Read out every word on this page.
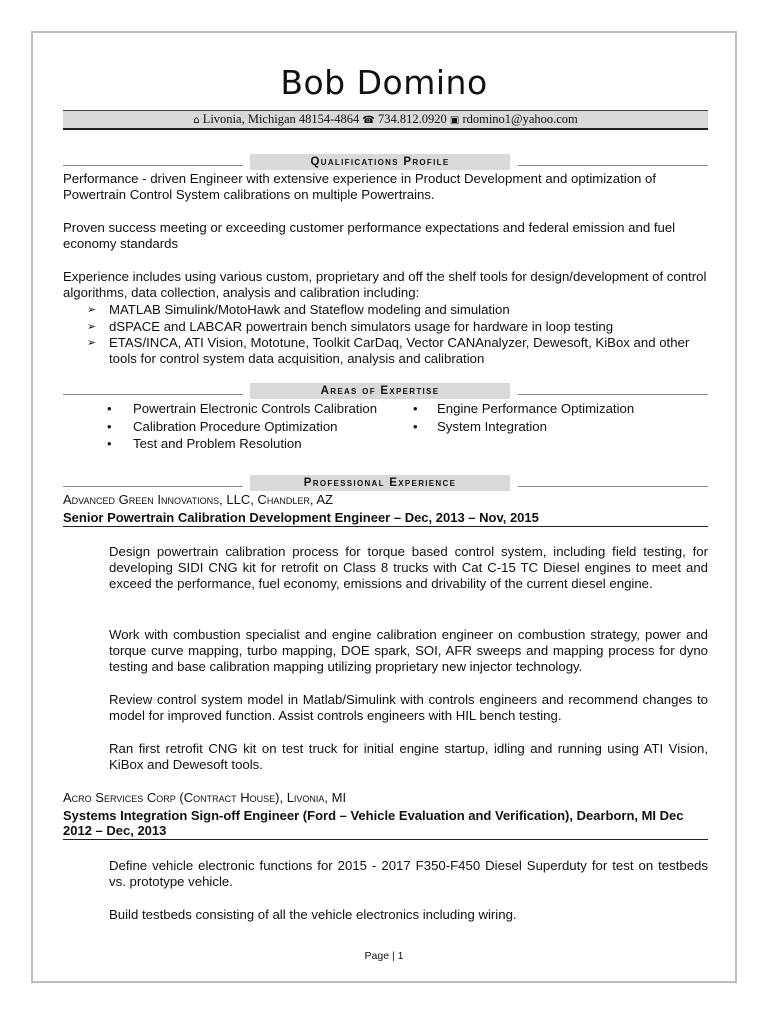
Bob Domino
⌂ Livonia, Michigan 48154-4864 ☎ 734.812.0920 ▣ rdomino1@yahoo.com
Qualifications Profile
Performance - driven Engineer with extensive experience in Product Development and optimization of Powertrain Control System calibrations on multiple Powertrains.
Proven success meeting or exceeding customer performance expectations and federal emission and fuel economy standards
Experience includes using various custom, proprietary and off the shelf tools for design/development of control algorithms, data collection, analysis and calibration including:
➢ MATLAB Simulink/MotoHawk and Stateflow modeling and simulation
➢ dSPACE and LABCAR powertrain bench simulators usage for hardware in loop testing
➢ ETAS/INCA, ATI Vision, Mototune, Toolkit CarDaq, Vector CANAnalyzer, Dewesoft, KiBox and other tools for control system data acquisition, analysis and calibration
Areas of Expertise
• Powertrain Electronic Controls Calibration
• Calibration Procedure Optimization
• Test and Problem Resolution
• Engine Performance Optimization
• System Integration
Professional Experience
Advanced Green Innovations, LLC, Chandler, AZ
Senior Powertrain Calibration Development Engineer – Dec, 2013 – Nov, 2015
Design powertrain calibration process for torque based control system, including field testing, for developing SIDI CNG kit for retrofit on Class 8 trucks with Cat C-15 TC Diesel engines to meet and exceed the performance, fuel economy, emissions and drivability of the current diesel engine.
Work with combustion specialist and engine calibration engineer on combustion strategy, power and torque curve mapping, turbo mapping, DOE spark, SOI, AFR sweeps and mapping process for dyno testing and base calibration mapping utilizing proprietary new injector technology.
Review control system model in Matlab/Simulink with controls engineers and recommend changes to model for improved function. Assist controls engineers with HIL bench testing.
Ran first retrofit CNG kit on test truck for initial engine startup, idling and running using ATI Vision, KiBox and Dewesoft tools.
Acro Services Corp (Contract House), Livonia, MI
Systems Integration Sign-off Engineer (Ford – Vehicle Evaluation and Verification), Dearborn, MI Dec 2012 – Dec, 2013
Define vehicle electronic functions for 2015 - 2017 F350-F450 Diesel Superduty for test on testbeds vs. prototype vehicle.
Build testbeds consisting of all the vehicle electronics including wiring.
Page | 1
